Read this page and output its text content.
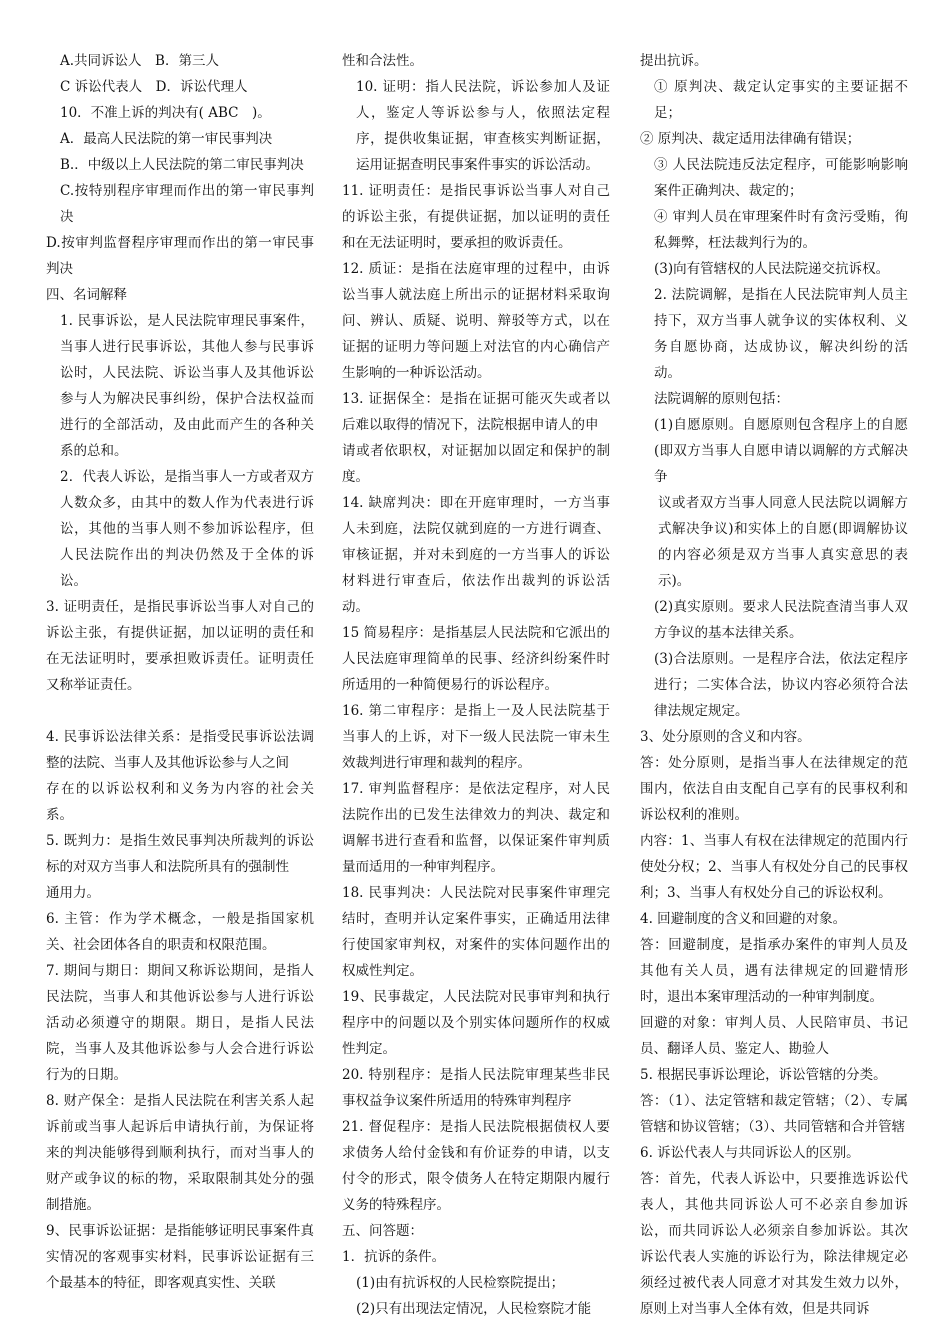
A.共同诉讼人　B．第三人

C 诉讼代表人　D．诉讼代理人

10．不准上诉的判决有( ABC　)。

A．最高人民法院的第一审民事判决

B.．中级以上人民法院的第二审民事判决

C.按特别程序审理而作出的第一审民事判决

D.按审判监督程序审理而作出的第一审民事判决

四、名词解释

1. 民事诉讼，是人民法院审理民事案件，当事人进行民事诉讼，其他人参与民事诉讼时，人民法院、诉讼当事人及其他诉讼参与人为解决民事纠纷，保护合法权益而进行的全部活动，及由此而产生的各种关系的总和。

2．代表人诉讼，是指当事人一方或者双方人数众多，由其中的数人作为代表进行诉讼，其他的当事人则不参加诉讼程序，但人民法院作出的判决仍然及于全体的诉讼。

3. 证明责任，是指民事诉讼当事人对自己的诉讼主张，有提供证据，加以证明的责任和在无法证明时，要承担败诉责任。证明责任又称举证责任。

4. 民事诉讼法律关系：是指受民事诉讼法调整的法院、当事人及其他诉讼参与人之间

存在的以诉讼权利和义务为内容的社会关系。

5. 既判力：是指生效民事判决所裁判的诉讼标的对双方当事人和法院所具有的强制性

通用力。

6. 主管：作为学术概念，一般是指国家机关、社会团体各自的职责和权限范围。

7. 期间与期日：期间又称诉讼期间，是指人民法院，当事人和其他诉讼参与人进行诉讼活动必须遵守的期限。期日，是指人民法院，当事人及其他诉讼参与人会合进行诉讼行为的日期。

8. 财产保全：是指人民法院在利害关系人起诉前或当事人起诉后申请执行前，为保证将来的判决能够得到顺利执行，而对当事人的财产或争议的标的物，采取限制其处分的强制措施。

9、民事诉讼证据：是指能够证明民事案件真实情况的客观事实材料，民事诉讼证据有三个最基本的特征，即客观真实性、关联

性和合法性。

10. 证明：指人民法院，诉讼参加人及证人，鉴定人等诉讼参与人，依照法定程序，提供收集证据，审查核实判断证据，运用证据查明民事案件事实的诉讼活动。

11. 证明责任：是指民事诉讼当事人对自己的诉讼主张，有提供证据，加以证明的责任和在无法证明时，要承担的败诉责任。

12. 质证：是指在法庭审理的过程中，由诉讼当事人就法庭上所出示的证据材料采取询问、辨认、质疑、说明、辩驳等方式，以在证据的证明力等问题上对法官的内心确信产生影响的一种诉讼活动。

13. 证据保全：是指在证据可能灭失或者以后难以取得的情况下，法院根据申请人的申

请或者依职权，对证据加以固定和保护的制度。

14. 缺席判决：即在开庭审理时，一方当事人未到庭，法院仅就到庭的一方进行调查、审核证据，并对未到庭的一方当事人的诉讼材料进行审查后，依法作出裁判的诉讼活动。

15 简易程序：是指基层人民法院和它派出的人民法庭审理简单的民事、经济纠纷案件时所适用的一种简便易行的诉讼程序。

16. 第二审程序：是指上一及人民法院基于当事人的上诉，对下一级人民法院一审未生效裁判进行审理和裁判的程序。

17. 审判监督程序：是依法定程序，对人民法院作出的已发生法律效力的判决、裁定和调解书进行查看和监督，以保证案件审判质量而适用的一种审判程序。

18. 民事判决：人民法院对民事案件审理完结时，查明并认定案件事实，正确适用法律行使国家审判权，对案件的实体问题作出的权威性判定。

19、民事裁定，人民法院对民事审判和执行程序中的问题以及个别实体问题所作的权威性判定。

20. 特别程序：是指人民法院审理某些非民事权益争议案件所适用的特殊审判程序

21. 督促程序：是指人民法院根据债权人要求债务人给付金钱和有价证券的申请，以支付令的形式，限令债务人在特定期限内履行义务的特殊程序。

五、问答题：

1．抗诉的条件。

(1)由有抗诉权的人民检察院提出；

(2)只有出现法定情况，人民检察院才能

提出抗诉。

① 原判决、裁定认定事实的主要证据不足；

② 原判决、裁定适用法律确有错误；

③ 人民法院违反法定程序，可能影响影响案件正确判决、裁定的；

④ 审判人员在审理案件时有贪污受贿，徇私舞弊，枉法裁判行为的。

(3)向有管辖权的人民法院递交抗诉权。

2. 法院调解，是指在人民法院审判人员主持下，双方当事人就争议的实体权利、义务自愿协商，达成协议，解决纠纷的活动。

法院调解的原则包括：

(1)自愿原则。自愿原则包含程序上的自愿(即双方当事人自愿申请以调解的方式解决争

议或者双方当事人同意人民法院以调解方式解决争议)和实体上的自愿(即调解协议的内容必须是双方当事人真实意思的表示)。

(2)真实原则。要求人民法院查清当事人双方争议的基本法律关系。

(3)合法原则。一是程序合法，依法定程序进行；二实体合法，协议内容必须符合法律法规定规定。

3、处分原则的含义和内容。

答：处分原则，是指当事人在法律规定的范围内，依法自由支配自己享有的民事权利和诉讼权利的准则。

内容：1、当事人有权在法律规定的范围内行使处分权；2、当事人有权处分自己的民事权利；3、当事人有权处分自己的诉讼权利。

4. 回避制度的含义和回避的对象。

答：回避制度，是指承办案件的审判人员及其他有关人员，遇有法律规定的回避情形时，退出本案审理活动的一种审判制度。

回避的对象：审判人员、人民陪审员、书记员、翻译人员、鉴定人、勘验人

5. 根据民事诉讼理论，诉讼管辖的分类。

答：（1）、法定管辖和裁定管辖；（2）、专属管辖和协议管辖；（3）、共同管辖和合并管辖

6. 诉讼代表人与共同诉讼人的区别。

答：首先，代表人诉讼中，只要推选诉讼代表人，其他共同诉讼人可不必亲自参加诉讼，而共同诉讼人必须亲自参加诉讼。其次诉讼代表人实施的诉讼行为，除法律规定必须经过被代表人同意才对其发生效力以外，原则上对当事人全体有效，但是共同诉
